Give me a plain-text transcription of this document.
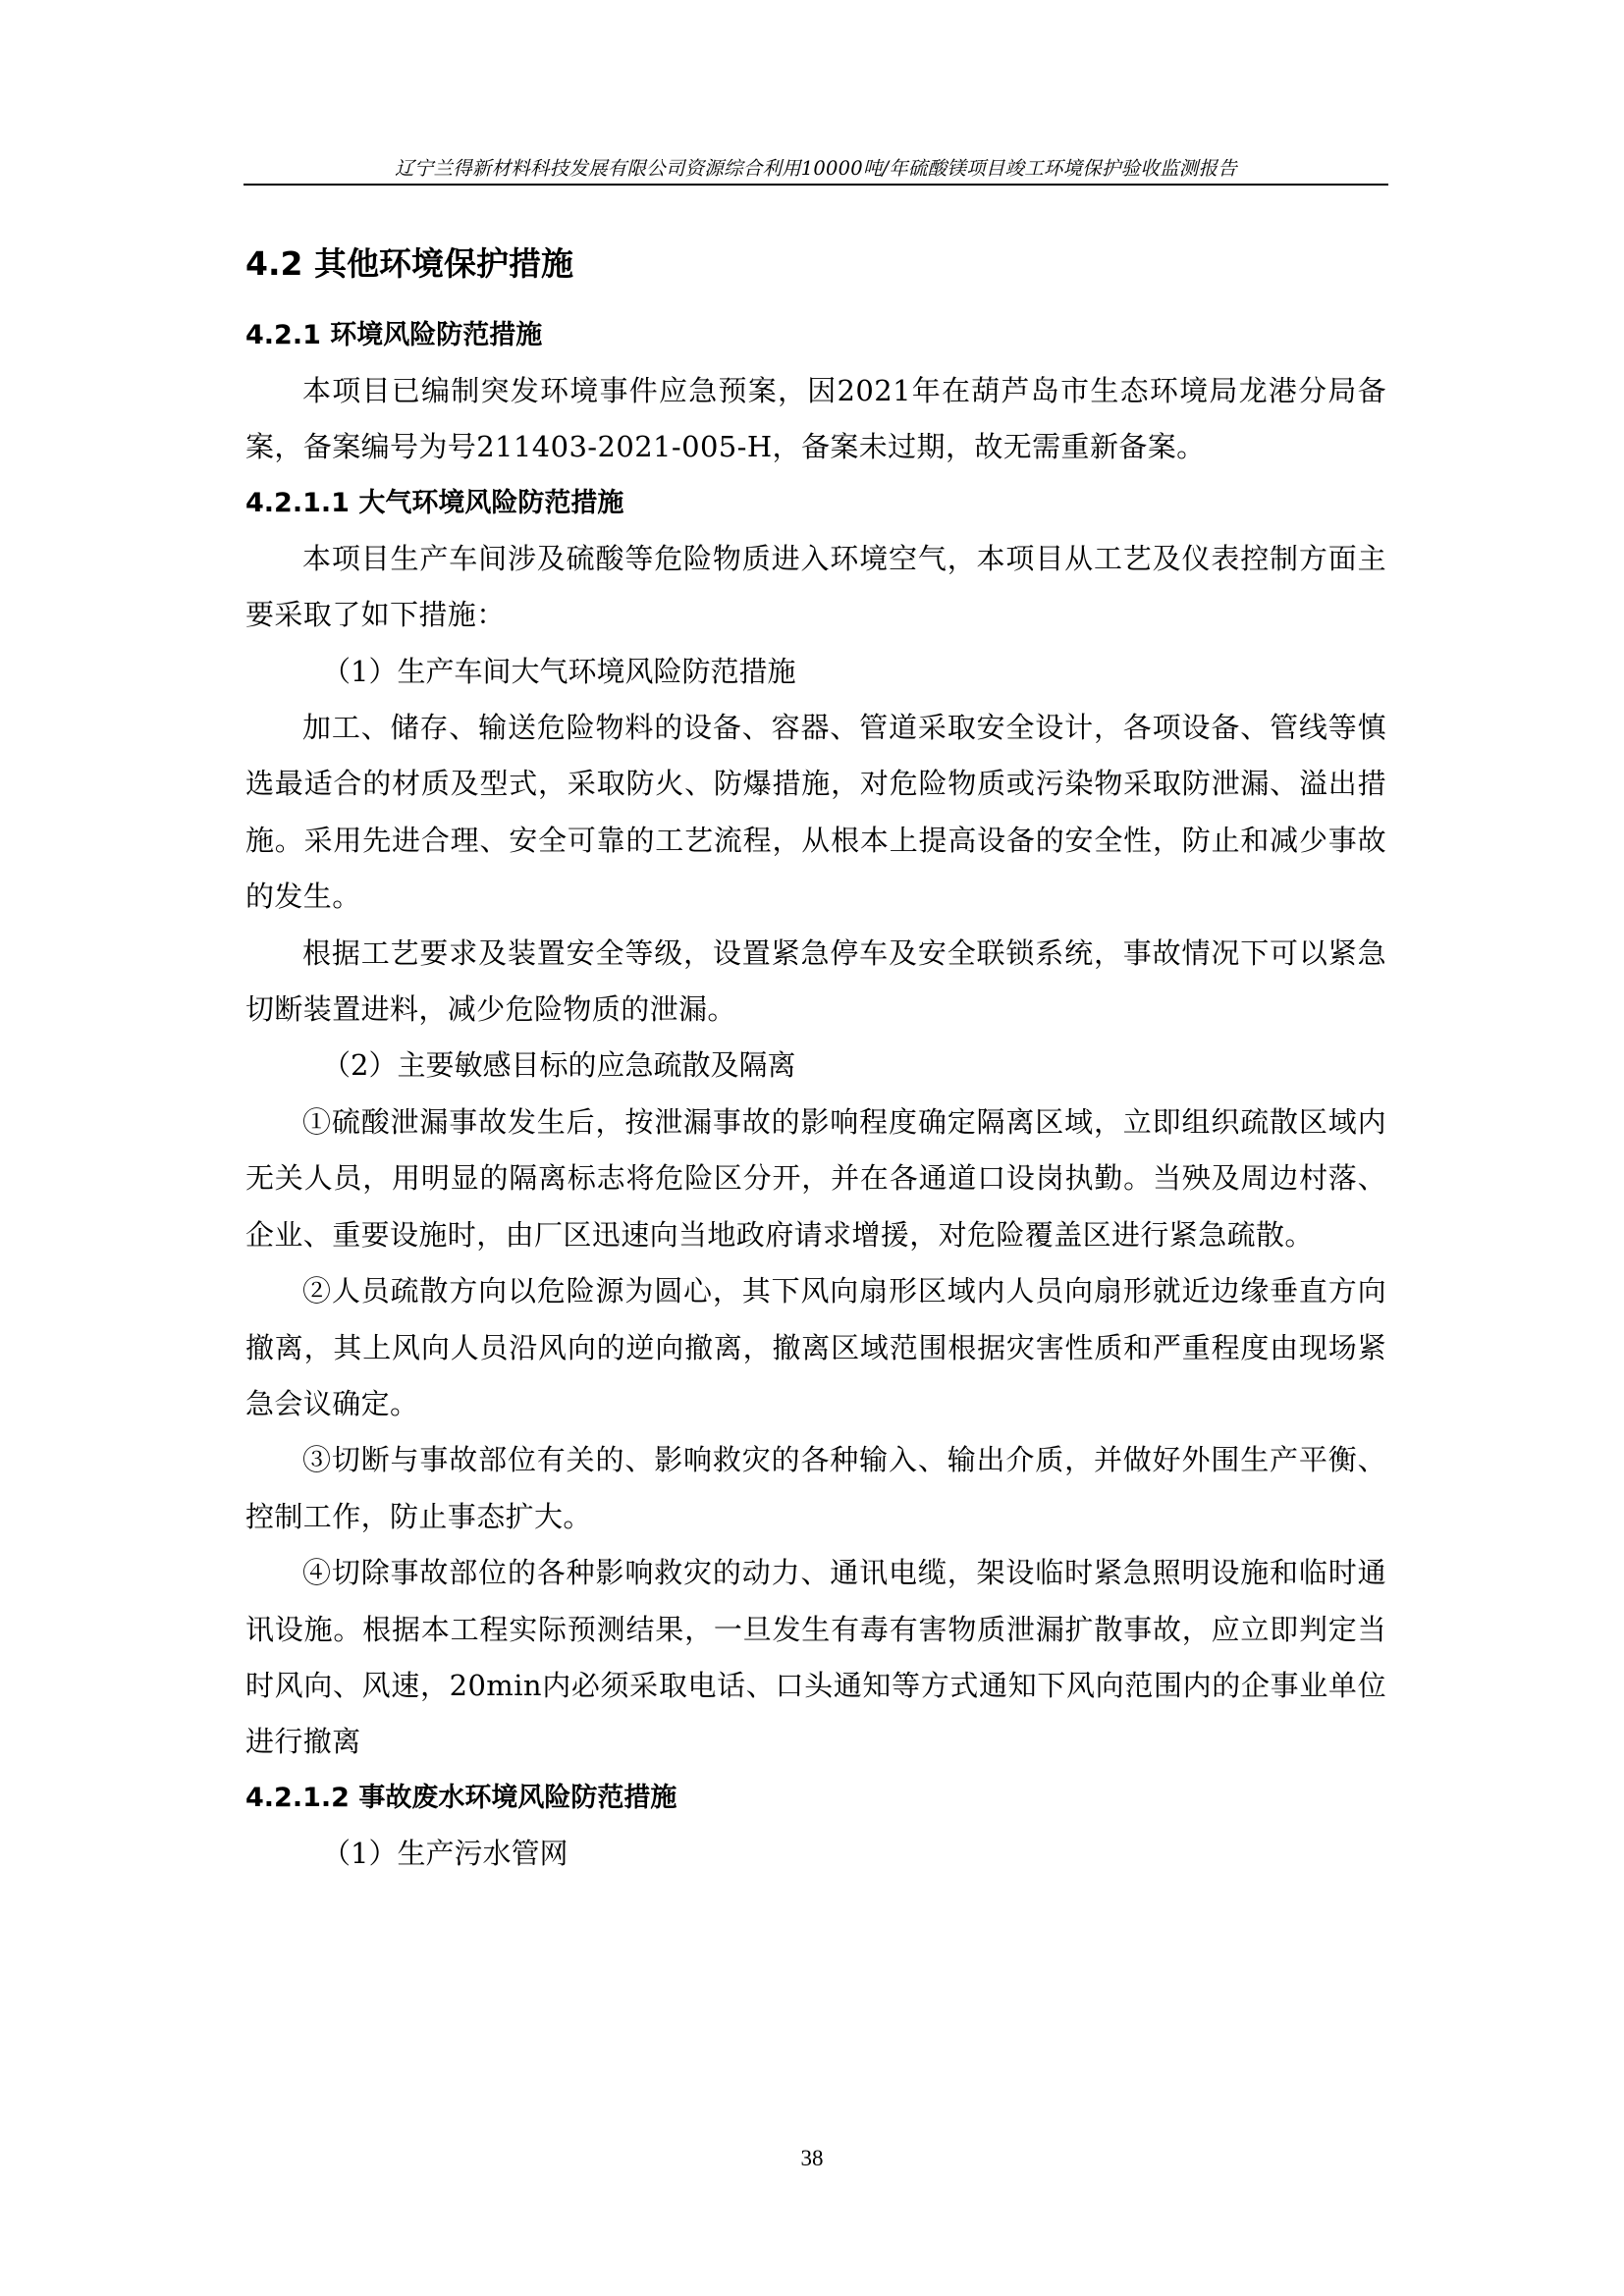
辽宁兰得新材料科技发展有限公司资源综合利用10000吨/年硫酸镁项目竣工环境保护验收监测报告
4.2 其他环境保护措施
4.2.1 环境风险防范措施

本项目已编制突发环境事件应急预案，因2021年在葫芦岛市生态环境局龙港分局备案，备案编号为号211403-2021-005-H，备案未过期，故无需重新备案。

4.2.1.1 大气环境风险防范措施

本项目生产车间涉及硫酸等危险物质进入环境空气，本项目从工艺及仪表控制方面主要采取了如下措施：

（1）生产车间大气环境风险防范措施

加工、储存、输送危险物料的设备、容器、管道采取安全设计，各项设备、管线等慎选最适合的材质及型式，采取防火、防爆措施，对危险物质或污染物采取防泄漏、溢出措施。采用先进合理、安全可靠的工艺流程，从根本上提高设备的安全性，防止和减少事故的发生。

根据工艺要求及装置安全等级，设置紧急停车及安全联锁系统，事故情况下可以紧急切断装置进料，减少危险物质的泄漏。

（2）主要敏感目标的应急疏散及隔离

①硫酸泄漏事故发生后，按泄漏事故的影响程度确定隔离区域，立即组织疏散区域内无关人员，用明显的隔离标志将危险区分开，并在各通道口设岗执勤。当殃及周边村落、企业、重要设施时，由厂区迅速向当地政府请求增援，对危险覆盖区进行紧急疏散。

②人员疏散方向以危险源为圆心，其下风向扇形区域内人员向扇形就近边缘垂直方向撤离，其上风向人员沿风向的逆向撤离，撤离区域范围根据灾害性质和严重程度由现场紧急会议确定。

③切断与事故部位有关的、影响救灾的各种输入、输出介质，并做好外围生产平衡、控制工作，防止事态扩大。

④切除事故部位的各种影响救灾的动力、通讯电缆，架设临时紧急照明设施和临时通讯设施。根据本工程实际预测结果，一旦发生有毒有害物质泄漏扩散事故，应立即判定当时风向、风速，20min内必须采取电话、口头通知等方式通知下风向范围内的企事业单位进行撤离

4.2.1.2 事故废水环境风险防范措施

（1）生产污水管网

38
